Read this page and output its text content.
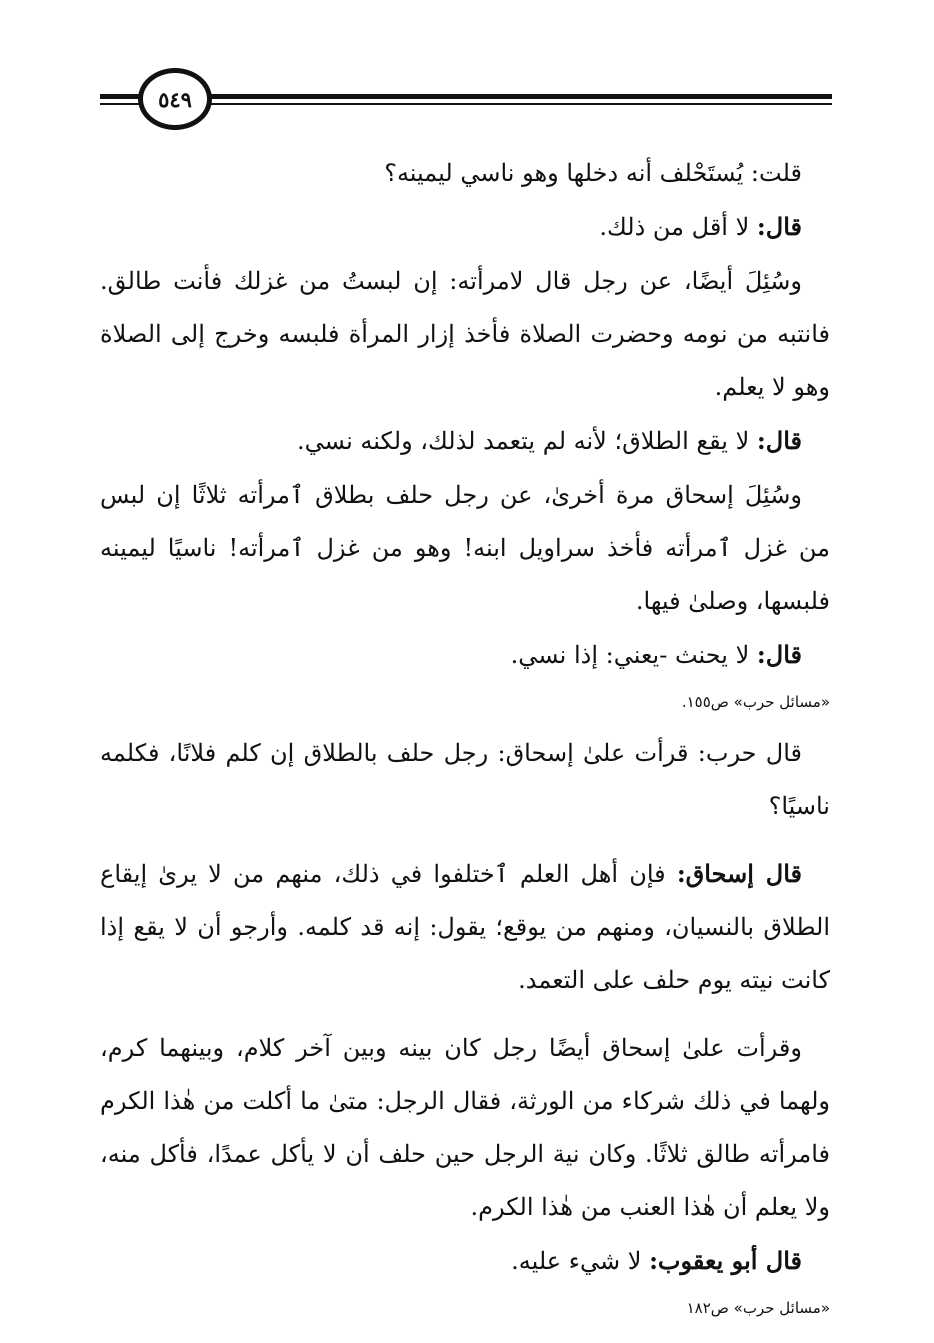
٥٤٩

قلت: يُستَحْلف أنه دخلها وهو ناسي ليمينه؟

قال: لا أقل من ذلك.

وسُئِلَ أيضًا، عن رجل قال لامرأته: إن لبستُ من غزلك فأنت طالق. فانتبه من نومه وحضرت الصلاة فأخذ إزار المرأة فلبسه وخرج إلى الصلاة وهو لا يعلم.

قال: لا يقع الطلاق؛ لأنه لم يتعمد لذلك، ولكنه نسي.

وسُئِلَ إسحاق مرة أخرىٰ، عن رجل حلف بطلاق ٱمرأته ثلاثًا إن لبس من غزل ٱمرأته فأخذ سراويل ابنه! وهو من غزل ٱمرأته! ناسيًا ليمينه فلبسها، وصلىٰ فيها.

قال: لا يحنث -يعني: إذا نسي.

«مسائل حرب» ص١٥٥.

قال حرب: قرأت علىٰ إسحاق: رجل حلف بالطلاق إن كلم فلانًا، فكلمه ناسيًا؟

قال إسحاق: فإن أهل العلم ٱختلفوا في ذلك، منهم من لا يرىٰ إيقاع الطلاق بالنسيان، ومنهم من يوقع؛ يقول: إنه قد كلمه. وأرجو أن لا يقع إذا كانت نيته يوم حلف على التعمد.

وقرأت علىٰ إسحاق أيضًا رجل كان بينه وبين آخر كلام، وبينهما كرم، ولهما في ذلك شركاء من الورثة، فقال الرجل: متىٰ ما أكلت من هٰذا الكرم فامرأته طالق ثلاثًا. وكان نية الرجل حين حلف أن لا يأكل عمدًا، فأكل منه، ولا يعلم أن هٰذا العنب من هٰذا الكرم.

قال أبو يعقوب: لا شيء عليه.

«مسائل حرب» ص١٨٢
